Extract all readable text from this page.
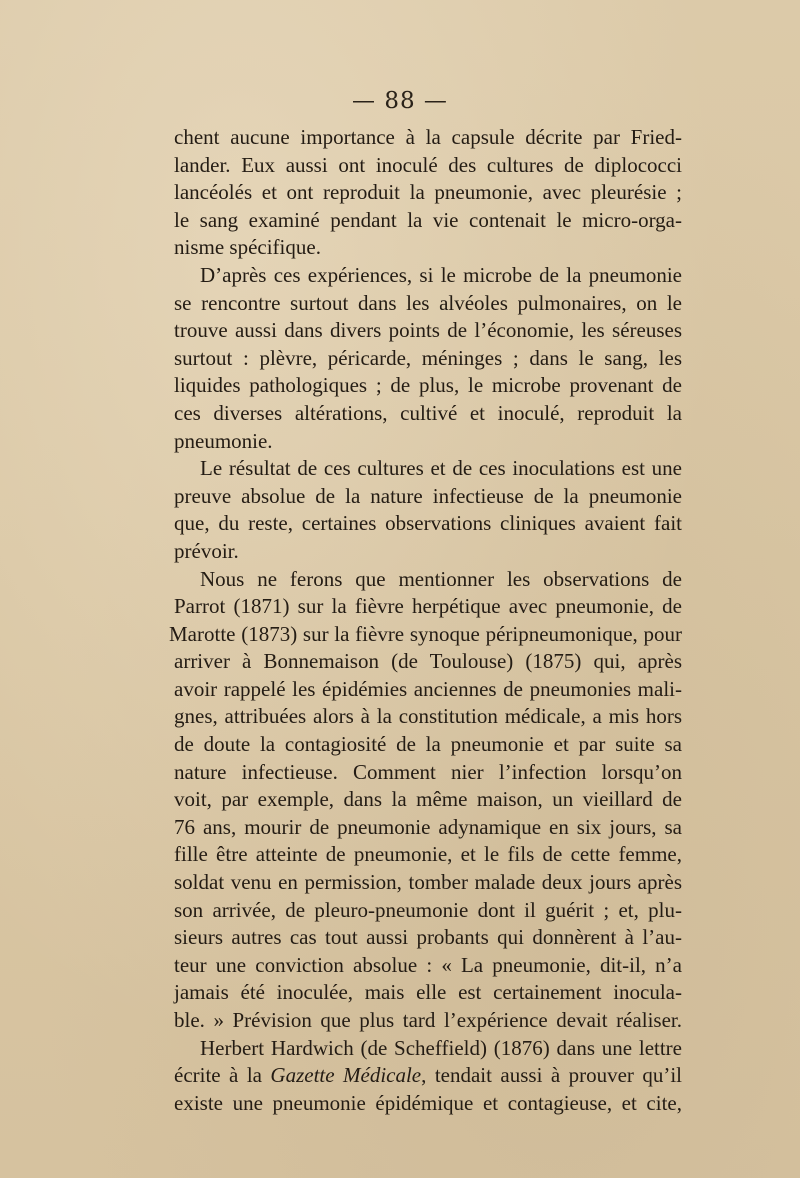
— 88 —
chent aucune importance à la capsule décrite par Fried-
lander. Eux aussi ont inoculé des cultures de diplococci
lancéolés et ont reproduit la pneumonie, avec pleurésie ;
le sang examiné pendant la vie contenait le micro-orga-
nisme spécifique.
D’après ces expériences, si le microbe de la pneumonie
se rencontre surtout dans les alvéoles pulmonaires, on le
trouve aussi dans divers points de l’économie, les séreuses
surtout : plèvre, péricarde, méninges ; dans le sang, les
liquides pathologiques ; de plus, le microbe provenant de
ces diverses altérations, cultivé et inoculé, reproduit la
pneumonie.
Le résultat de ces cultures et de ces inoculations est une
preuve absolue de la nature infectieuse de la pneumonie
que, du reste, certaines observations cliniques avaient fait
prévoir.
Nous ne ferons que mentionner les observations de
Parrot (1871) sur la fièvre herpétique avec pneumonie, de
Marotte (1873) sur la fièvre synoque péripneumonique, pour
arriver à Bonnemaison (de Toulouse) (1875) qui, après
avoir rappelé les épidémies anciennes de pneumonies mali-
gnes, attribuées alors à la constitution médicale, a mis hors
de doute la contagiosité de la pneumonie et par suite sa
nature infectieuse. Comment nier l’infection lorsqu’on
voit, par exemple, dans la même maison, un vieillard de
76 ans, mourir de pneumonie adynamique en six jours, sa
fille être atteinte de pneumonie, et le fils de cette femme,
soldat venu en permission, tomber malade deux jours après
son arrivée, de pleuro-pneumonie dont il guérit ; et, plu-
sieurs autres cas tout aussi probants qui donnèrent à l’au-
teur une conviction absolue : « La pneumonie, dit-il, n’a
jamais été inoculée, mais elle est certainement inocula-
ble. » Prévision que plus tard l’expérience devait réaliser.
Herbert Hardwich (de Scheffield) (1876) dans une lettre
écrite à la Gazette Médicale, tendait aussi à prouver qu’il
existe une pneumonie épidémique et contagieuse, et cite,
